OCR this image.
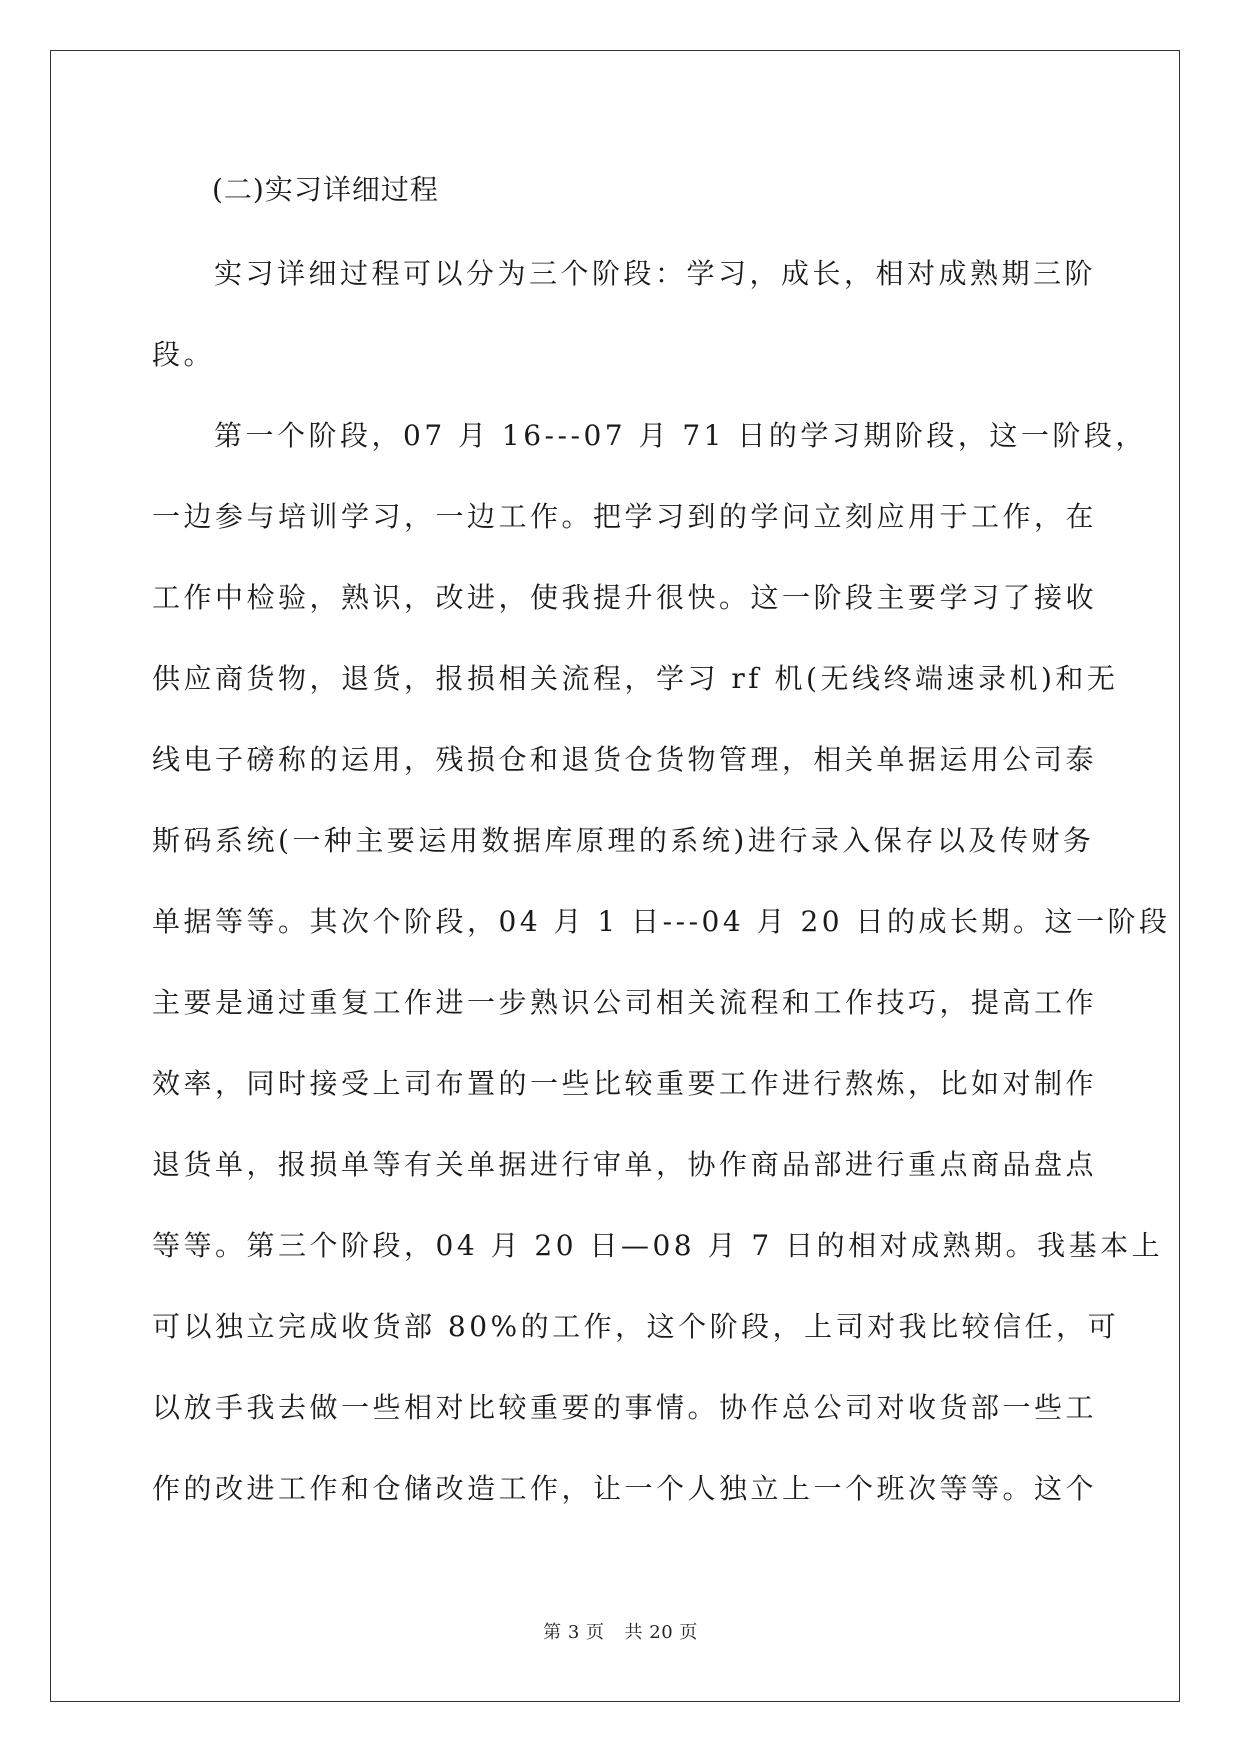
(二)实习详细过程

实习详细过程可以分为三个阶段：学习，成长，相对成熟期三阶
段。

第一个阶段，07 月 16---07 月 71 日的学习期阶段，这一阶段，
一边参与培训学习，一边工作。把学习到的学问立刻应用于工作，在
工作中检验，熟识，改进，使我提升很快。这一阶段主要学习了接收
供应商货物，退货，报损相关流程，学习 rf 机(无线终端速录机)和无
线电子磅称的运用，残损仓和退货仓货物管理，相关单据运用公司泰
斯码系统(一种主要运用数据库原理的系统)进行录入保存以及传财务
单据等等。其次个阶段，04 月 1 日---04 月 20 日的成长期。这一阶段
主要是通过重复工作进一步熟识公司相关流程和工作技巧，提高工作
效率，同时接受上司布置的一些比较重要工作进行熬炼，比如对制作
退货单，报损单等有关单据进行审单，协作商品部进行重点商品盘点
等等。第三个阶段，04 月 20 日—08 月 7 日的相对成熟期。我基本上
可以独立完成收货部 80%的工作，这个阶段，上司对我比较信任，可
以放手我去做一些相对比较重要的事情。协作总公司对收货部一些工
作的改进工作和仓储改造工作，让一个人独立上一个班次等等。这个

第 3 页 共 20 页
